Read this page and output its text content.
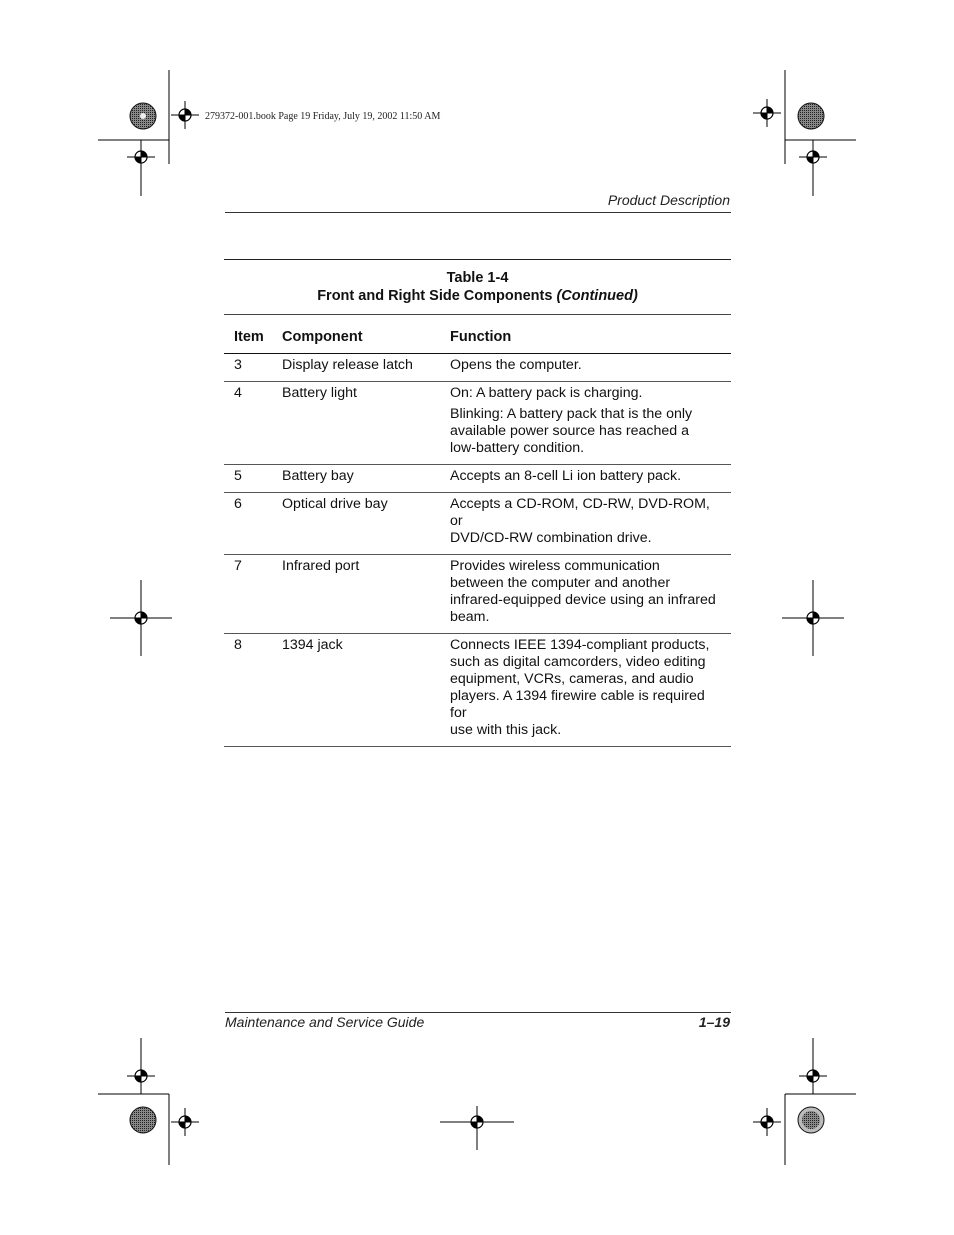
279372-001.book Page 19 Friday, July 19, 2002 11:50 AM
Product Description
Table 1-4
Front and Right Side Components (Continued)
Item	Component	Function
3	Display release latch	Opens the computer.
4	Battery light	On: A battery pack is charging.
Blinking: A battery pack that is the only
available power source has reached a
low-battery condition.
5	Battery bay	Accepts an 8-cell Li ion battery pack.
6	Optical drive bay	Accepts a CD-ROM, CD-RW, DVD-ROM, or
DVD/CD-RW combination drive.
7	Infrared port	Provides wireless communication
between the computer and another
infrared-equipped device using an infrared
beam.
8	1394 jack	Connects IEEE 1394-compliant products,
such as digital camcorders, video editing
equipment, VCRs, cameras, and audio
players. A 1394 firewire cable is required for
use with this jack.
Maintenance and Service Guide	1–19
